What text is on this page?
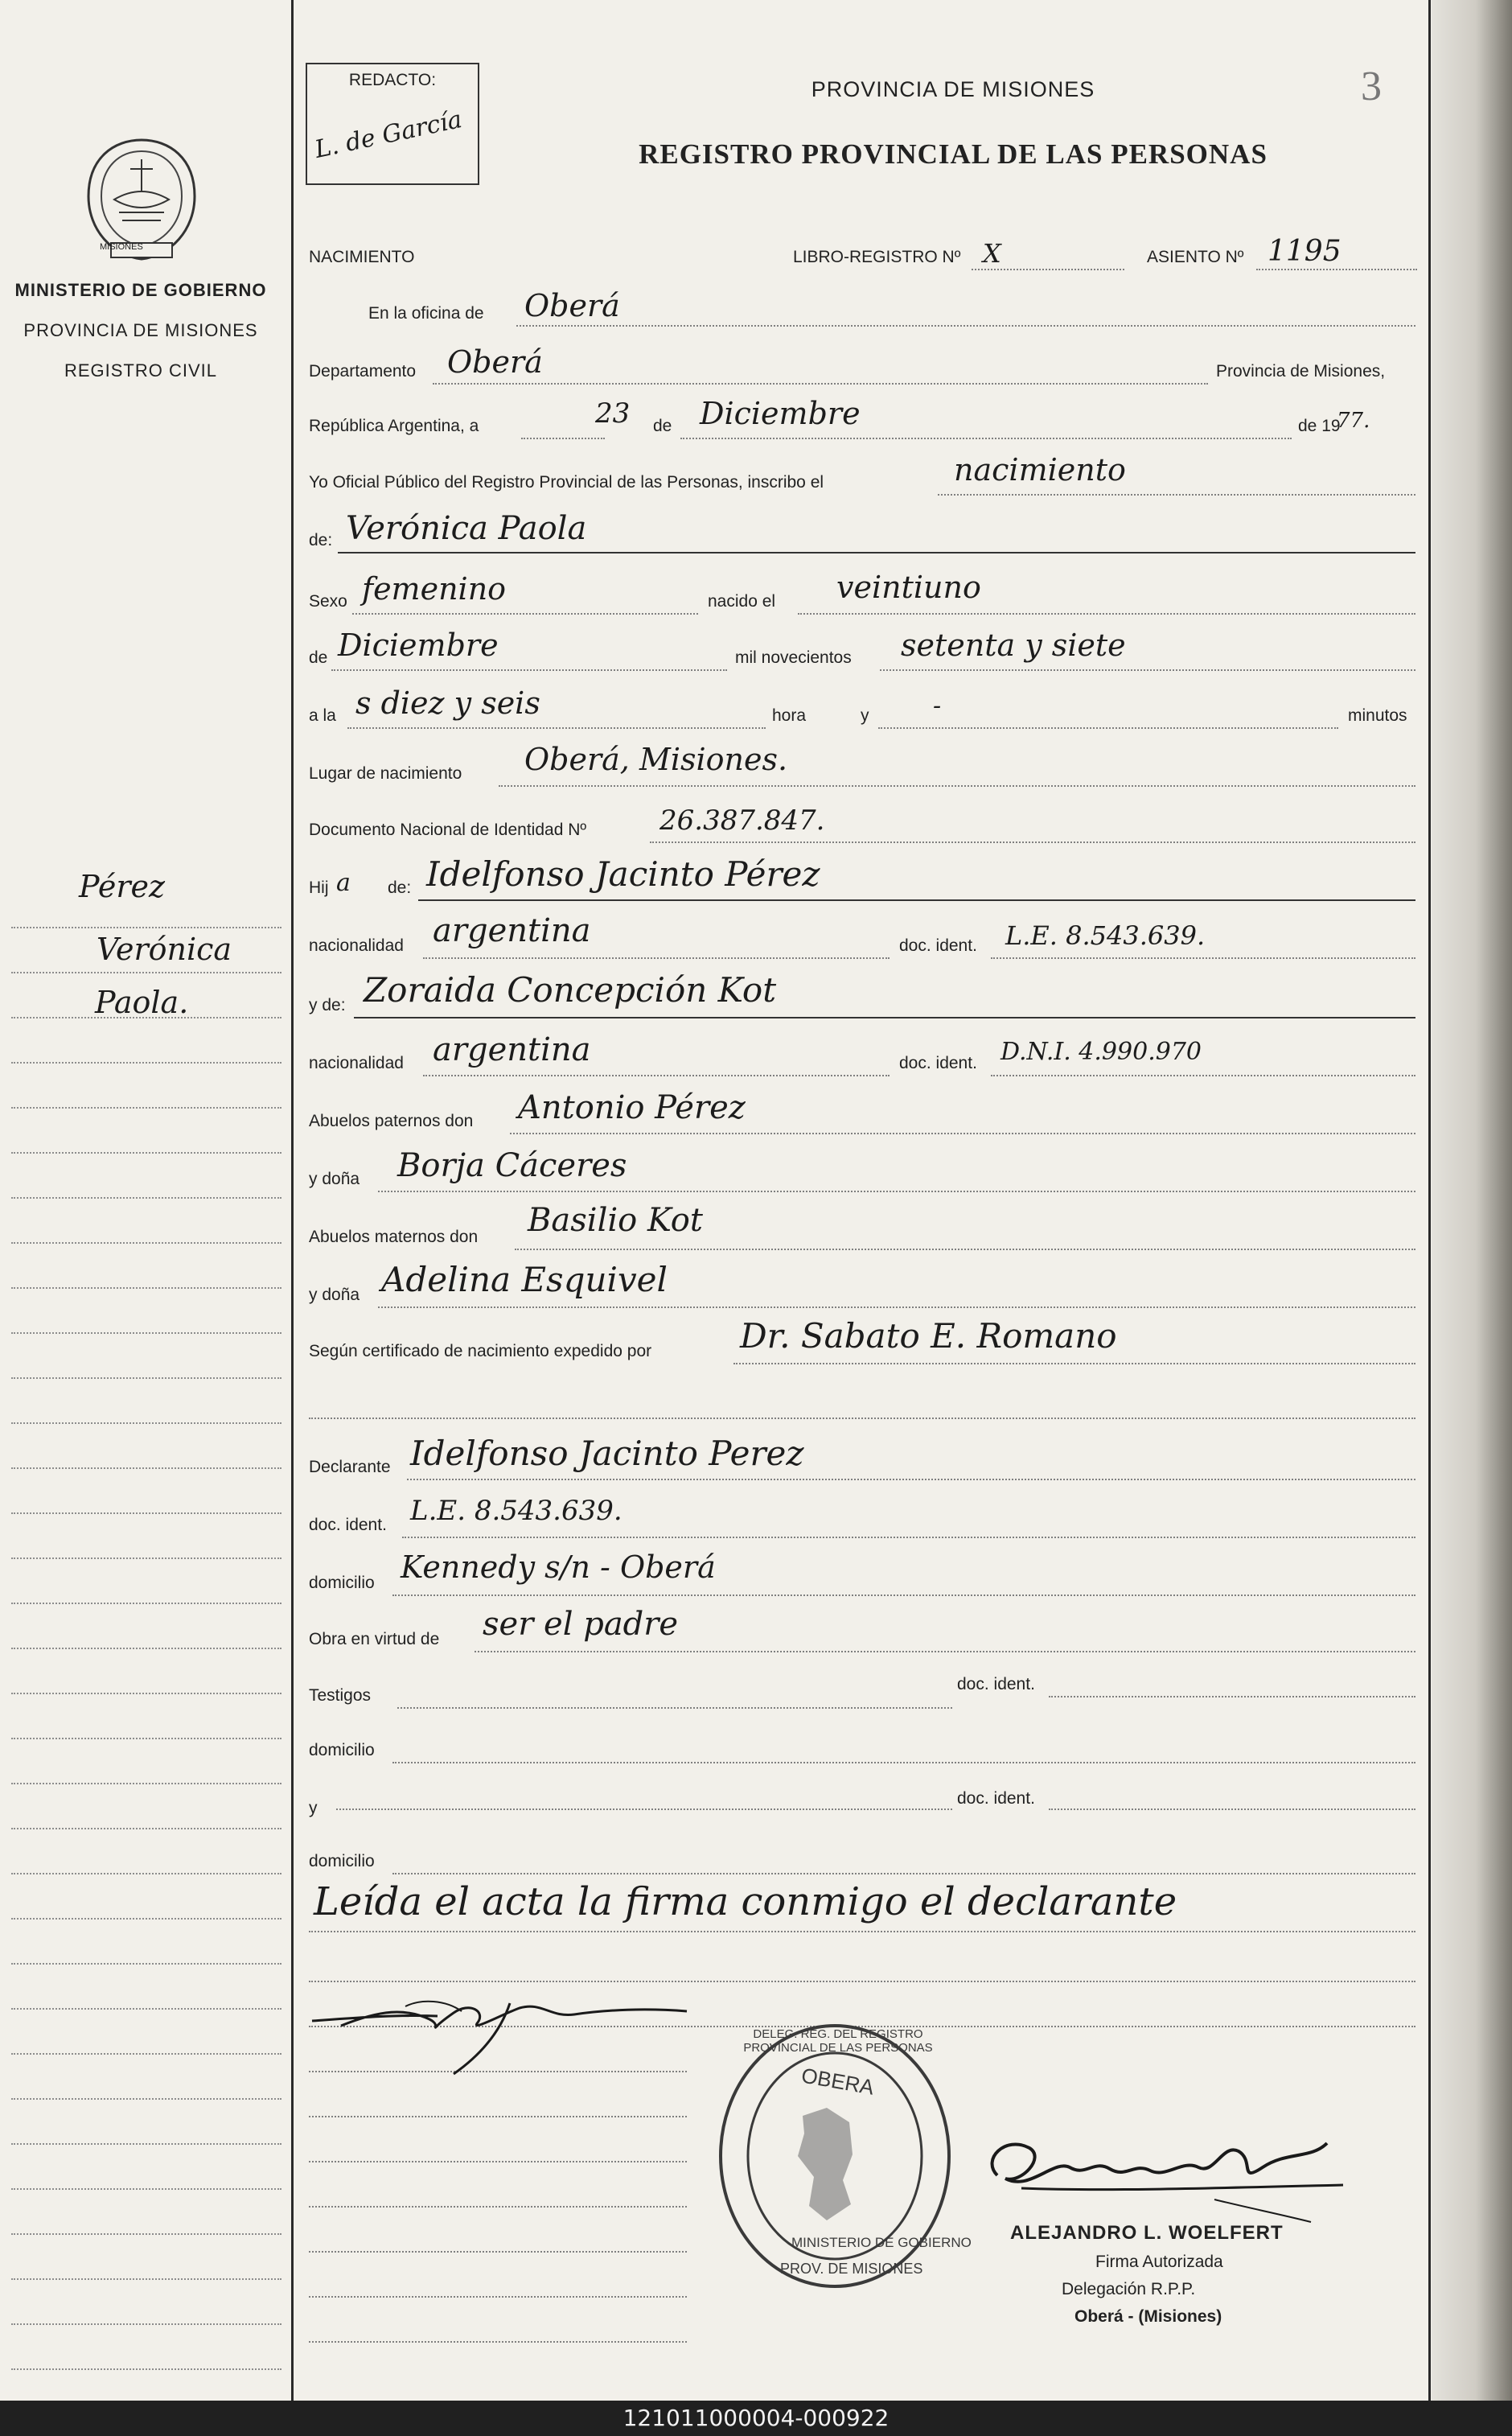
MISIONES
MINISTERIO DE GOBIERNO
PROVINCIA DE MISIONES
REGISTRO CIVIL
Pérez
Verónica
Paola.
REDACTO:
L. de García
PROVINCIA DE MISIONES
REGISTRO PROVINCIAL DE LAS PERSONAS
3
NACIMIENTO	LIBRO-REGISTRO Nº X	ASIENTO Nº 1195
En la oficina de Oberá
Departamento Oberá	Provincia de Misiones,
República Argentina, a	23 de Diciembre	de 19
77.
Yo Oficial Público del Registro Provincial de las Personas, inscribo el	nacimiento
de: Verónica Paola
Sexo femenino	nacido el veintiuno
de Diciembre	mil novecientos setenta y siete
a la s diez y seis	hora	y	-	minutos
Lugar de nacimiento Oberá, Misiones.
Documento Nacional de Identidad Nº	26.387.847.
Hij a de: Idelfonso Jacinto Pérez
nacionalidad argentina	doc. ident. L.E. 8.543.639.
y de: Zoraida Concepción Kot
nacionalidad argentina	doc. ident. D.N.I. 4.990.970
Abuelos paternos don Antonio Pérez
y doña Borja Cáceres
Abuelos maternos don Basilio Kot
y doña Adelina Esquivel
Según certificado de nacimiento expedido por	Dr. Sabato E. Romano
Declarante Idelfonso Jacinto Perez
doc. ident. L.E. 8.543.639.
domicilio Kennedy s/n - Oberá
Obra en virtud de ser el padre
Testigos
doc. ident.
domicilio
y
doc. ident.
domicilio
Leída el acta la firma conmigo el declarante
OBERA
DELEG. REG. DEL REGISTRO PROVINCIAL DE LAS PERSONAS
MINISTERIO DE GOBIERNO
PROV. DE MISIONES
ALEJANDRO L. WOELFERT
Firma Autorizada
Delegación R.P.P.
Oberá - (Misiones)
121011000004-000922
